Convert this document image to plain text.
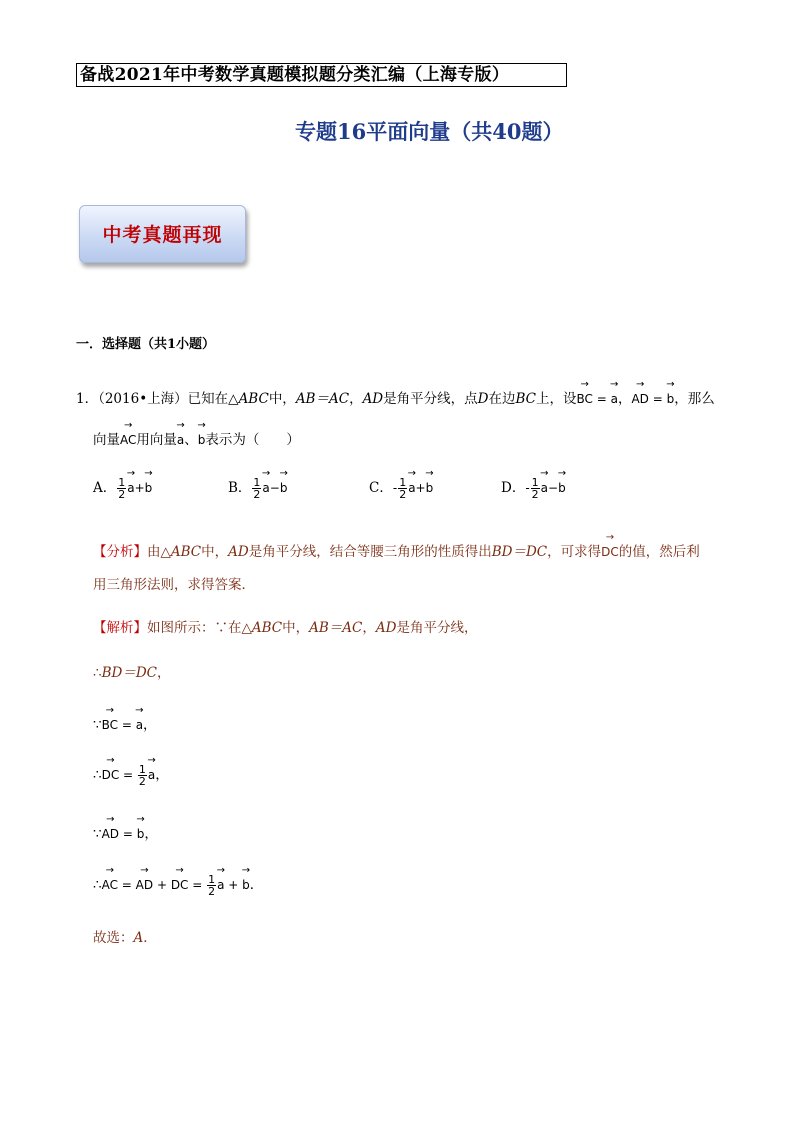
备战2021年中考数学真题模拟题分类汇编（上海专版）
专题16平面向量（共40题）
中考真题再现
一．选择题（共1小题）
1．（2016•上海）已知在△ABC中，AB＝AC，AD是角平分线，点D在边BC上，设→ BC = → a，→ AD = → b，那么
向量→ AC用向量→ a、→ b表示为（　　）
A． $\frac{1}{2}$
→ a+→ b	B． $\frac{1}{2}$
→ a−→ b	C．- $\frac{1}{2}$
→ a+→ b	D．- $\frac{1}{2}$
→ a−→ b
【分析】由△ABC中，AD是角平分线，结合等腰三角形的性质得出BD＝DC，可求得→ DC的值，然后利
用三角形法则，求得答案．
【解析】如图所示：∵在△ABC中，AB＝AC，AD是角平分线，
∴BD＝DC，
∵→ BC = → a，
∴→ DC = $\frac{1}{2}$
→ a，
∵→ AD = → b，
∴→ AC = → AD + → DC = $\frac{1}{2}$
→ a + → b．
故选：A．
